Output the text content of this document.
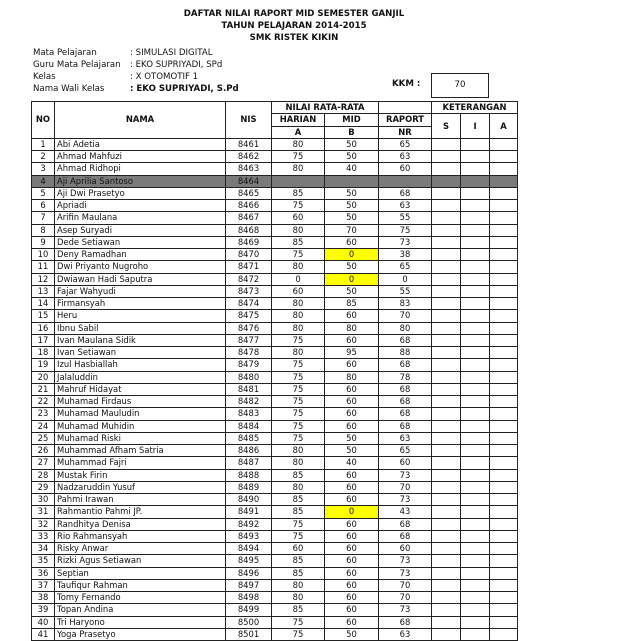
DAFTAR NILAI RAPORT MID SEMESTER GANJIL
TAHUN PELAJARAN 2014-2015
SMK RISTEK KIKIN
Mata Pelajaran	: SIMULASI DIGITAL
Guru Mata Pelajaran : EKO SUPRIYADI, SPd
Kelas	: X OTOMOTIF 1
Nama Wali Kelas	: EKO SUPRIYADI, S.Pd	KKM :	70
NO	NAMA	NIS	NILAI RATA-RATA			KETERANGAN		
			HARIAN	MID	RAPORT	S	I	A
			A	B	NR			
1	Abi Adetia	8461	80	50	65			
2	Ahmad Mahfuzi	8462	75	50	63			
3	Ahmad Ridhopi	8463	80	40	60			
4	Aji Aprilia Santoso	8464						
5	Aji Dwi Prasetyo	8465	85	50	68			
6	Apriadi	8466	75	50	63			
7	Arifin Maulana	8467	60	50	55			
8	Asep Suryadi	8468	80	70	75			
9	Dede Setiawan	8469	85	60	73			
10	Deny Ramadhan	8470	75	0	38			
11	Dwi Priyanto Nugroho	8471	80	50	65			
12	Dwiawan Hadi Saputra	8472	0	0	0			
13	Fajar Wahyudi	8473	60	50	55			
14	Firmansyah	8474	80	85	83			
15	Heru	8475	80	60	70			
16	Ibnu Sabil	8476	80	80	80			
17	Ivan Maulana Sidik	8477	75	60	68			
18	Ivan Setiawan	8478	80	95	88			
19	Izul Hasbiallah	8479	75	60	68			
20	Jalaluddin	8480	75	80	78			
21	Mahruf Hidayat	8481	75	60	68			
22	Muhamad Firdaus	8482	75	60	68			
23	Muhamad Mauludin	8483	75	60	68			
24	Muhamad Muhidin	8484	75	60	68			
25	Muhamad Riski	8485	75	50	63			
26	Muhammad Afham Satria	8486	80	50	65			
27	Muhammad Fajri	8487	80	40	60			
28	Mustak Firin	8488	85	60	73			
29	Nadzaruddin Yusuf	8489	80	60	70			
30	Pahmi Irawan	8490	85	60	73			
31	Rahmantio Pahmi JP.	8491	85	0	43			
32	Randhitya Denisa	8492	75	60	68			
33	Rio Rahmansyah	8493	75	60	68			
34	Risky Anwar	8494	60	60	60			
35	Rizki Agus Setiawan	8495	85	60	73			
36	Septian	8496	85	60	73			
37	Taufiqur Rahman	8497	80	60	70			
38	Tomy Fernando	8498	80	60	70			
39	Topan Andina	8499	85	60	73			
40	Tri Haryono	8500	75	60	68			
41	Yoga Prasetyo	8501	75	50	63			
